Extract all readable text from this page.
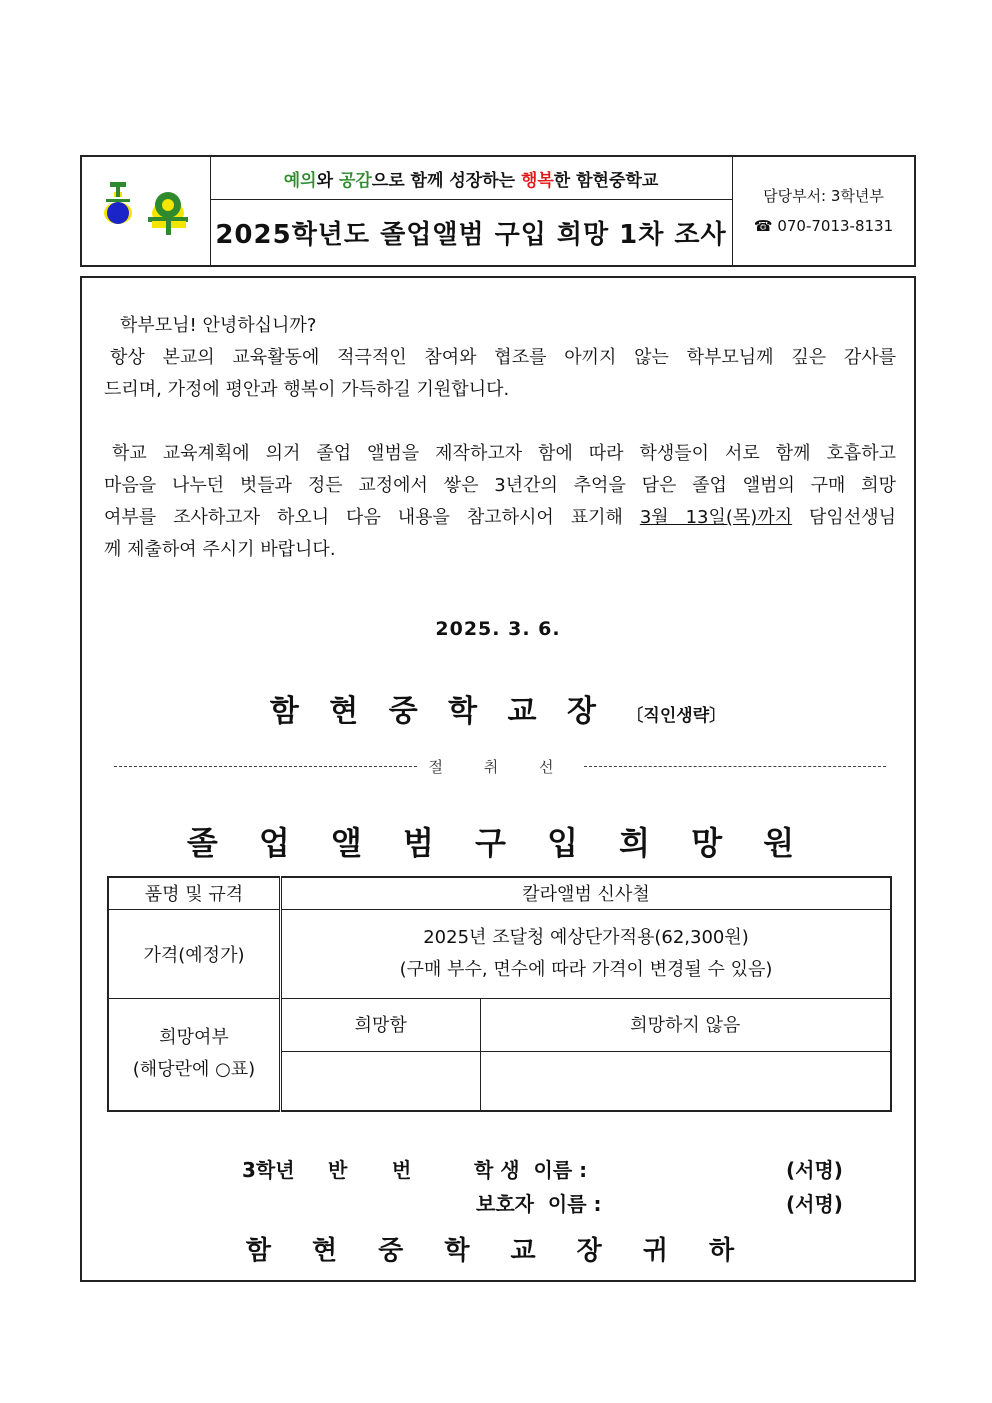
예의 와 공감 으로 함께 성장하는 행복 한 함현중학교
2025학년도 졸업앨범 구입 희망 1차 조사
담당부서: 3학년부
☎ 070-7013-8131

학부모님! 안녕하십니까?

항상 본교의 교육활동에 적극적인 참여와 협조를 아끼지 않는 학부모님께 깊은 감사를

드리며, 가정에 평안과 행복이 가득하길 기원합니다.

학교 교육계획에 의거 졸업 앨범을 제작하고자 함에 따라 학생들이 서로 함께 호흡하고

마음을 나누던 벗들과 정든 교정에서 쌓은 3년간의 추억을 담은 졸업 앨범의 구매 희망

여부를 조사하고자 하오니 다음 내용을 참고하시어 표기해 3월 13일(목)까지 담임선생님

께 제출하여 주시기 바랍니다.

2025. 3. 6.
함 현 중 학 교 장 〔직인생략〕
절 취 선
졸 업 앨 범 구 입 희 망 원
품명 및 규격	칼라앨범 신사철	
가격(예정가)	2025년 조달청 예상단가적용(62,300원)
(구매 부수, 면수에 따라 가격이 변경될 수 있음)	

희망여부
(해당란에 ○표)	희망함	희망하지 않음

3학년 반 번	학 생  이름 :	(서명)
보호자  이름 :	(서명)
함 현 중 학 교 장 귀 하
